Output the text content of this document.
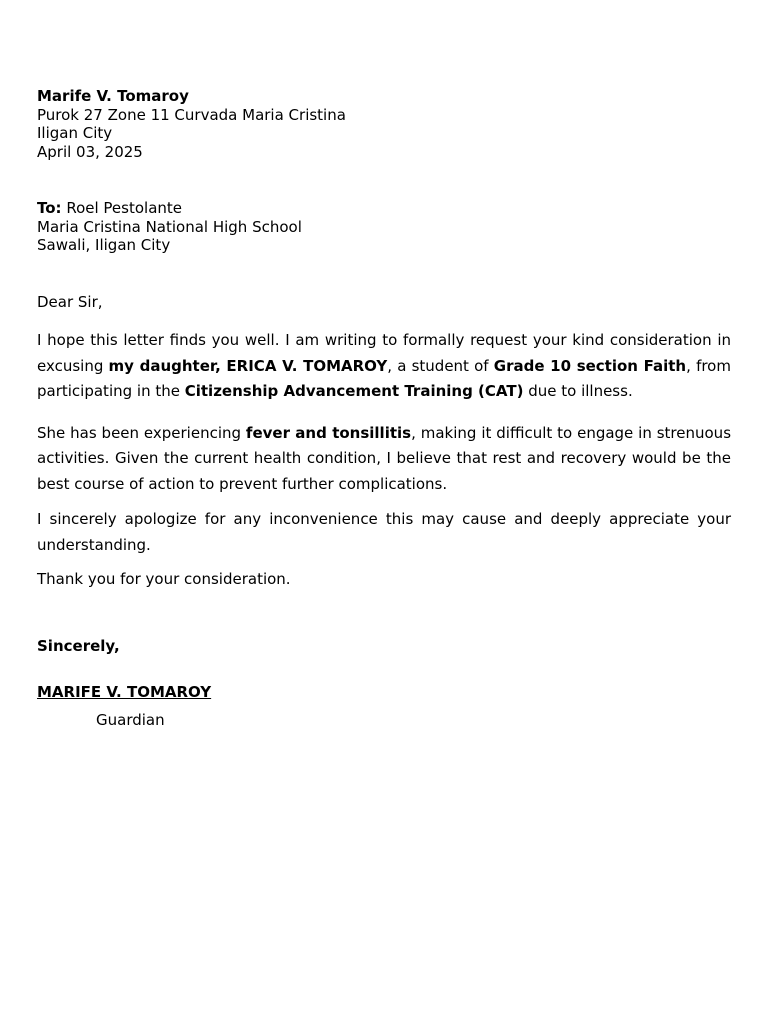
Marife V. Tomaroy
Purok 27 Zone 11 Curvada Maria Cristina
Iligan City
April 03, 2025
To: Roel Pestolante
Maria Cristina National High School
Sawali, Iligan City
Dear Sir,

I hope this letter finds you well. I am writing to formally request your kind consideration in excusing my daughter, ERICA V. TOMAROY, a student of Grade 10 section Faith, from participating in the Citizenship Advancement Training (CAT) due to illness.

She has been experiencing fever and tonsillitis, making it difficult to engage in strenuous activities. Given the current health condition, I believe that rest and recovery would be the best course of action to prevent further complications.

I sincerely apologize for any inconvenience this may cause and deeply appreciate your understanding.

Thank you for your consideration.

Sincerely,
MARIFE V. TOMAROY
Guardian
